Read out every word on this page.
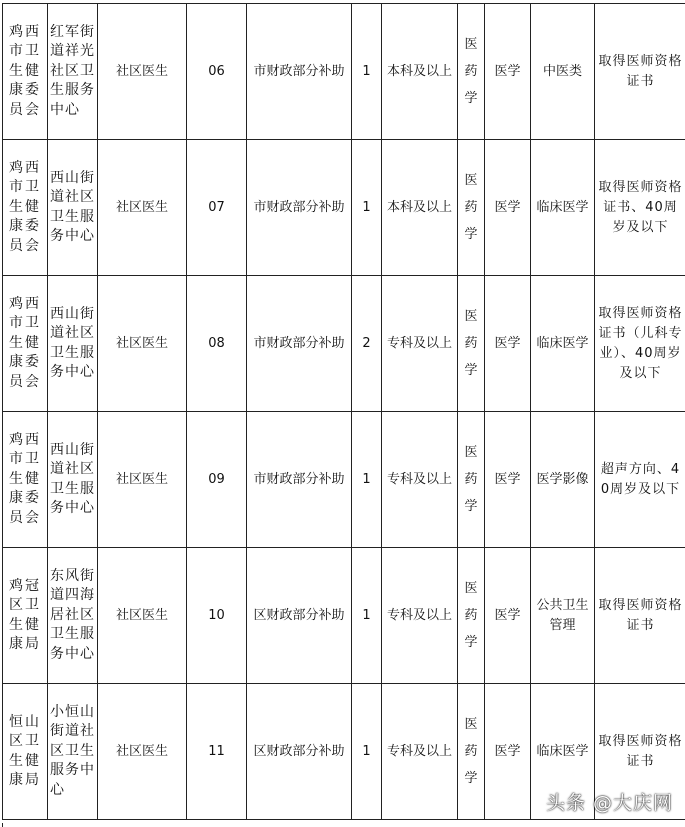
鸡西市卫生健康委员会	红军街道祥光社区卫生服务中心	社区医生	06	市财政部分补助	1	本科及以上	医药学	医学	中医类	取得医师资格证书
鸡西市卫生健康委员会	西山街道社区卫生服务中心	社区医生	07	市财政部分补助	1	本科及以上	医药学	医学	临床医学	取得医师资格证书、40周岁及以下
鸡西市卫生健康委员会	西山街道社区卫生服务中心	社区医生	08	市财政部分补助	2	专科及以上	医药学	医学	临床医学	取得医师资格证书（儿科专业）、40周岁及以下
鸡西市卫生健康委员会	西山街道社区卫生服务中心	社区医生	09	市财政部分补助	1	专科及以上	医药学	医学	医学影像	超声方向、40周岁及以下
鸡冠区卫生健康局	东风街道四海居社区卫生服务中心	社区医生	10	区财政部分补助	1	专科及以上	医药学	医学	公共卫生管理	取得医师资格证书
恒山区卫生健康局	小恒山街道社区卫生服务中心	社区医生	11	区财政部分补助	1	专科及以上	医药学	医学	临床医学	取得医师资格证书
头条 @大庆网
